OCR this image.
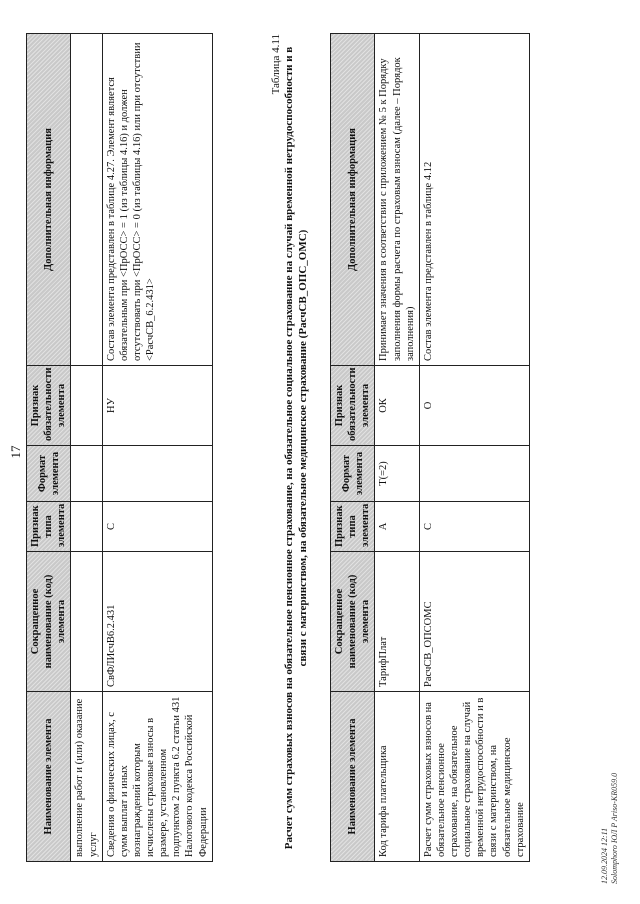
17
Наименование элемента	Сокращенное наименование (код) элемента	Признак типа элемента	Формат элемента	Признак обязательности элемента	Дополнительная информация
выполнение работ и (или) оказание услуг					
Сведения о физических лицах, с сумм выплат и иных вознаграждений которым исчислены страховые взносы в размере, установленном подпунктом 2 пункта 6.2 статьи 431 Налогового кодекса Российской Федерации	СвФЛИсчВ6.2.431	С		НУ	Состав элемента представлен в таблице 4.27. Элемент является обязательным при <ПрОСС> = 1 (из таблицы 4.16) и должен отсутствовать при <ПрОСС> = 0 (из таблицы 4.16) или при отсутствии <РасчСВ_6.2.431>
Таблица 4.11 Расчет сумм страховых взносов на обязательное пенсионное страхование, на обязательное социальное страхование на случай временной нетрудоспособности и в связи с материнством, на обязательное медицинское страхование (РасчСВ_ОПС_ОМС)
Наименование элемента	Сокращенное наименование (код) элемента	Признак типа элемента	Формат элемента	Признак обязательности элемента	Дополнительная информация
Код тарифа плательщика	ТарифПлат	А	T(=2)	ОК	Принимает значения в соответствии с приложением № 5 к Порядку заполнения формы расчета по страховым взносам (далее – Порядок заполнения)
Расчет сумм страховых взносов на обязательное пенсионное страхование, на обязательное социальное страхование на случай временной нетрудоспособности и в связи с материнством, на обязательное медицинское страхование	РасчСВ_ОПСОМС	С		О	Состав элемента представлен в таблице 4.12
12.09.2024 12:11 Solomphoro ЮЛ P Ariso-KR059.0
